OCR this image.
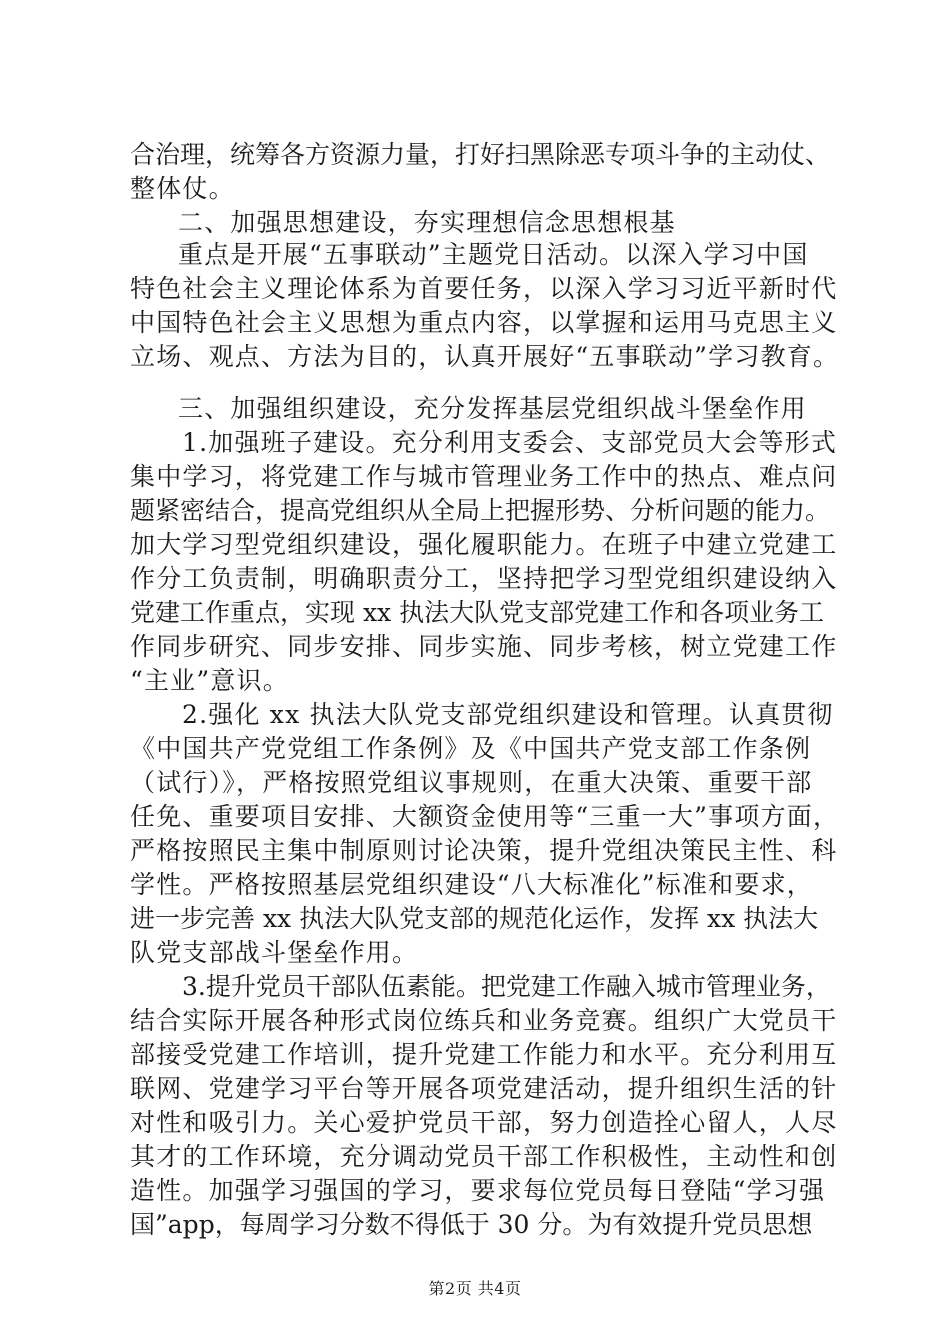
合治理，统筹各方资源力量，打好扫黑除恶专项斗争的主动仗、
整体仗。
二、加强思想建设，夯实理想信念思想根基
重点是开展“五事联动”主题党日活动。以深入学习中国
特色社会主义理论体系为首要任务，以深入学习习近平新时代
中国特色社会主义思想为重点内容，以掌握和运用马克思主义
立场、观点、方法为目的，认真开展好“五事联动”学习教育。
三、加强组织建设，充分发挥基层党组织战斗堡垒作用
1.加强班子建设。充分利用支委会、支部党员大会等形式
集中学习，将党建工作与城市管理业务工作中的热点、难点问
题紧密结合，提高党组织从全局上把握形势、分析问题的能力。
加大学习型党组织建设，强化履职能力。在班子中建立党建工
作分工负责制，明确职责分工，坚持把学习型党组织建设纳入
党建工作重点，实现 xx 执法大队党支部党建工作和各项业务工
作同步研究、同步安排、同步实施、同步考核，树立党建工作
“主业”意识。
2.强化 xx 执法大队党支部党组织建设和管理。认真贯彻
《中国共产党党组工作条例》及《中国共产党支部工作条例
（试行）》，严格按照党组议事规则，在重大决策、重要干部
任免、重要项目安排、大额资金使用等“三重一大”事项方面，
严格按照民主集中制原则讨论决策，提升党组决策民主性、科
学性。严格按照基层党组织建设“八大标准化”标准和要求，
进一步完善 xx 执法大队党支部的规范化运作，发挥 xx 执法大
队党支部战斗堡垒作用。
3.提升党员干部队伍素能。把党建工作融入城市管理业务，
结合实际开展各种形式岗位练兵和业务竞赛。组织广大党员干
部接受党建工作培训，提升党建工作能力和水平。充分利用互
联网、党建学习平台等开展各项党建活动，提升组织生活的针
对性和吸引力。关心爱护党员干部，努力创造拴心留人，人尽
其才的工作环境，充分调动党员干部工作积极性，主动性和创
造性。加强学习强国的学习，要求每位党员每日登陆“学习强
国”app，每周学习分数不得低于 30 分。为有效提升党员思想
第2页 共4页
